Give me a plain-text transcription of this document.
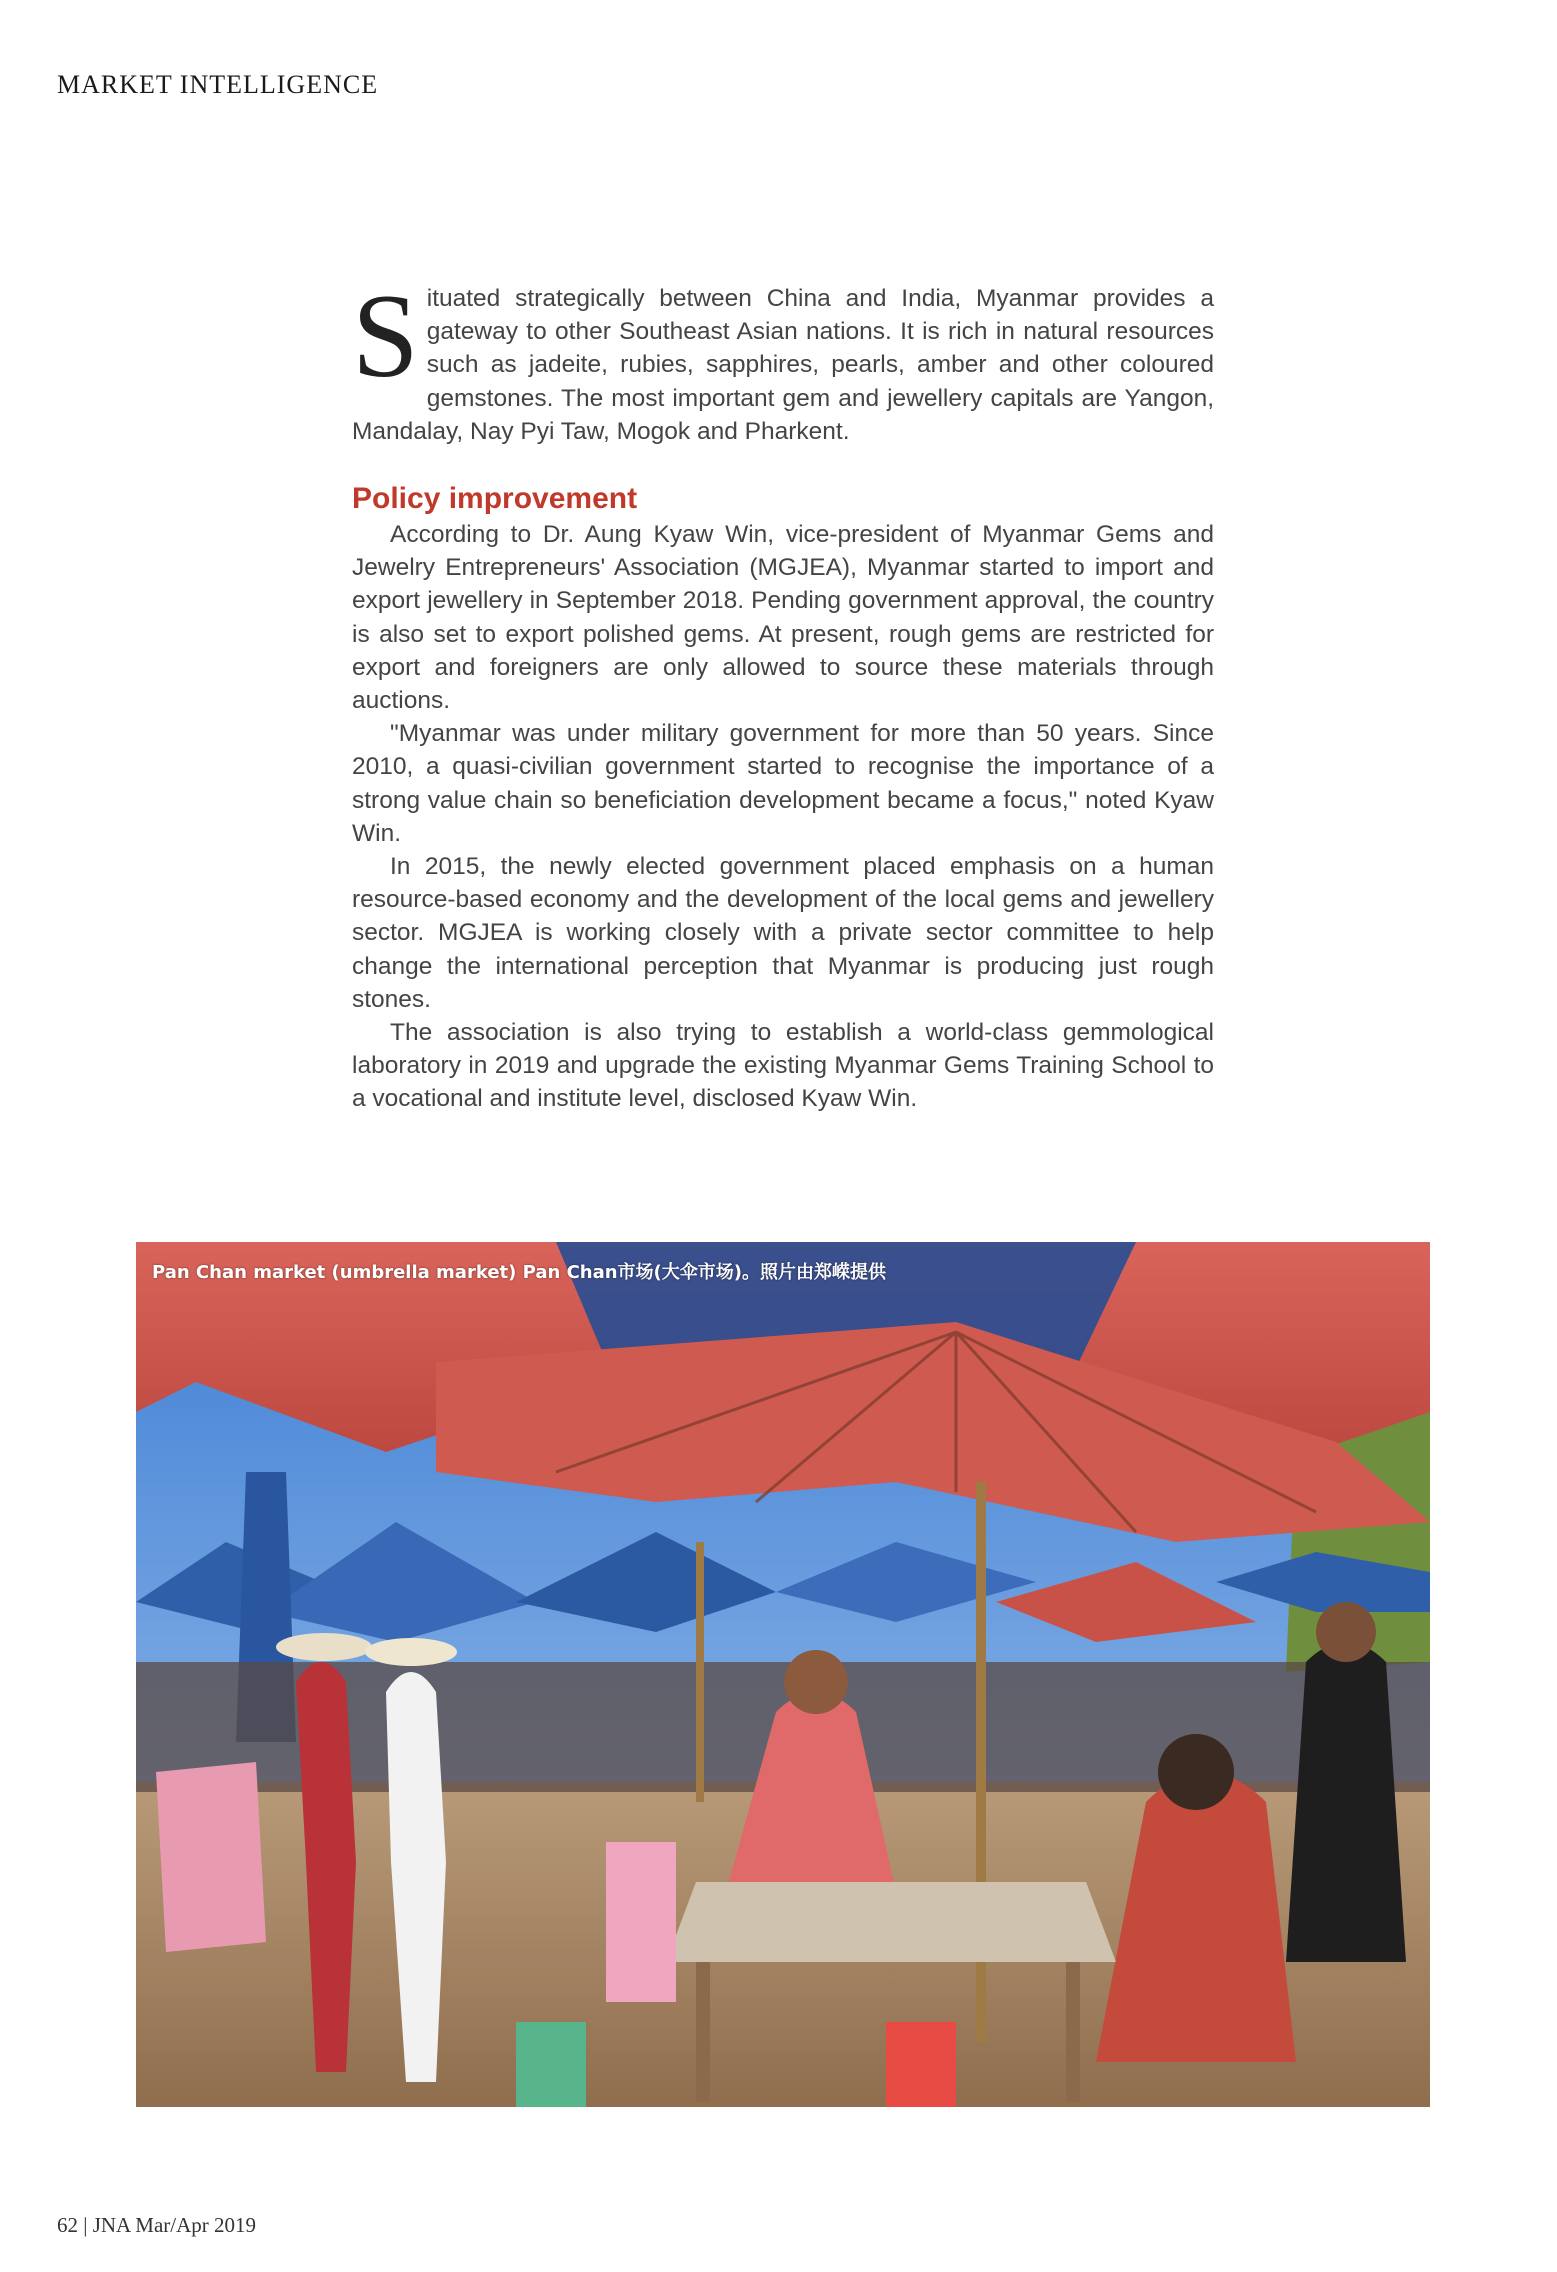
MARKET INTELLIGENCE

Situated strategically between China and India, Myanmar provides a gateway to other Southeast Asian nations. It is rich in natural resources such as jadeite, rubies, sapphires, pearls, amber and other coloured gemstones. The most important gem and jewellery capitals are Yangon, Mandalay, Nay Pyi Taw, Mogok and Pharkent.

Policy improvement

According to Dr. Aung Kyaw Win, vice-president of Myanmar Gems and Jewelry Entrepreneurs' Association (MGJEA), Myanmar started to import and export jewellery in September 2018. Pending government approval, the country is also set to export polished gems. At present, rough gems are restricted for export and foreigners are only allowed to source these materials through auctions.

"Myanmar was under military government for more than 50 years. Since 2010, a quasi-civilian government started to recognise the importance of a strong value chain so beneficiation development became a focus," noted Kyaw Win.

In 2015, the newly elected government placed emphasis on a human resource-based economy and the development of the local gems and jewellery sector. MGJEA is working closely with a private sector committee to help change the international perception that Myanmar is producing just rough stones.

The association is also trying to establish a world-class gemmological laboratory in 2019 and upgrade the existing Myanmar Gems Training School to a vocational and institute level, disclosed Kyaw Win.

Pan Chan market (umbrella market) Pan Chan市场(大伞市场)。照片由郑嵘提供
62 | JNA Mar/Apr 2019
